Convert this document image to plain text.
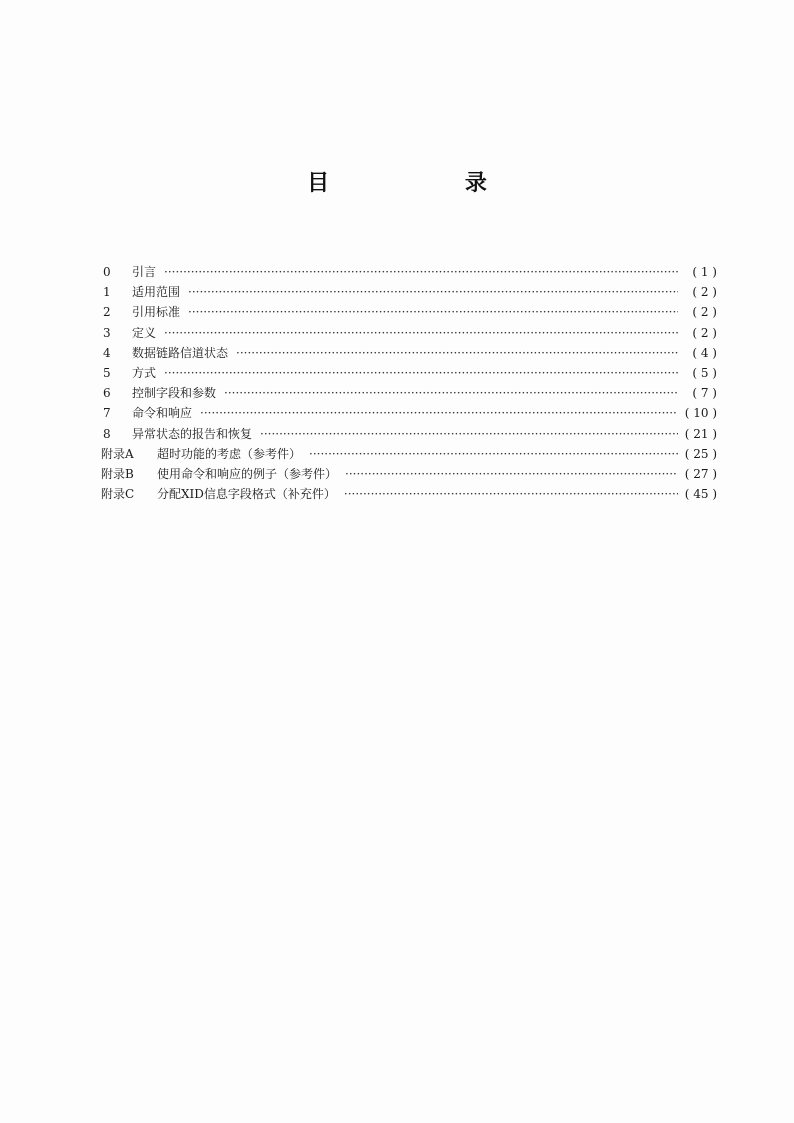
目 录
0	引言 ·····	( 1 )
1	适用范围 ·····	( 2 )
2	引用标准 ·····	( 2 )
3	定义 ·····	( 2 )
4	数据链路信道状态 ·····	( 4 )
5	方式 ·····	( 5 )
6	控制字段和参数 ·····	( 7 )
7	命令和响应 ·····	( 10 )
8	异常状态的报告和恢复 ·····	( 21 )
附录A	超时功能的考虑（参考件） ·····	( 25 )
附录B	使用命令和响应的例子（参考件） ·····	( 27 )
附录C	分配XID信息字段格式（补充件） ·····	( 45 )
